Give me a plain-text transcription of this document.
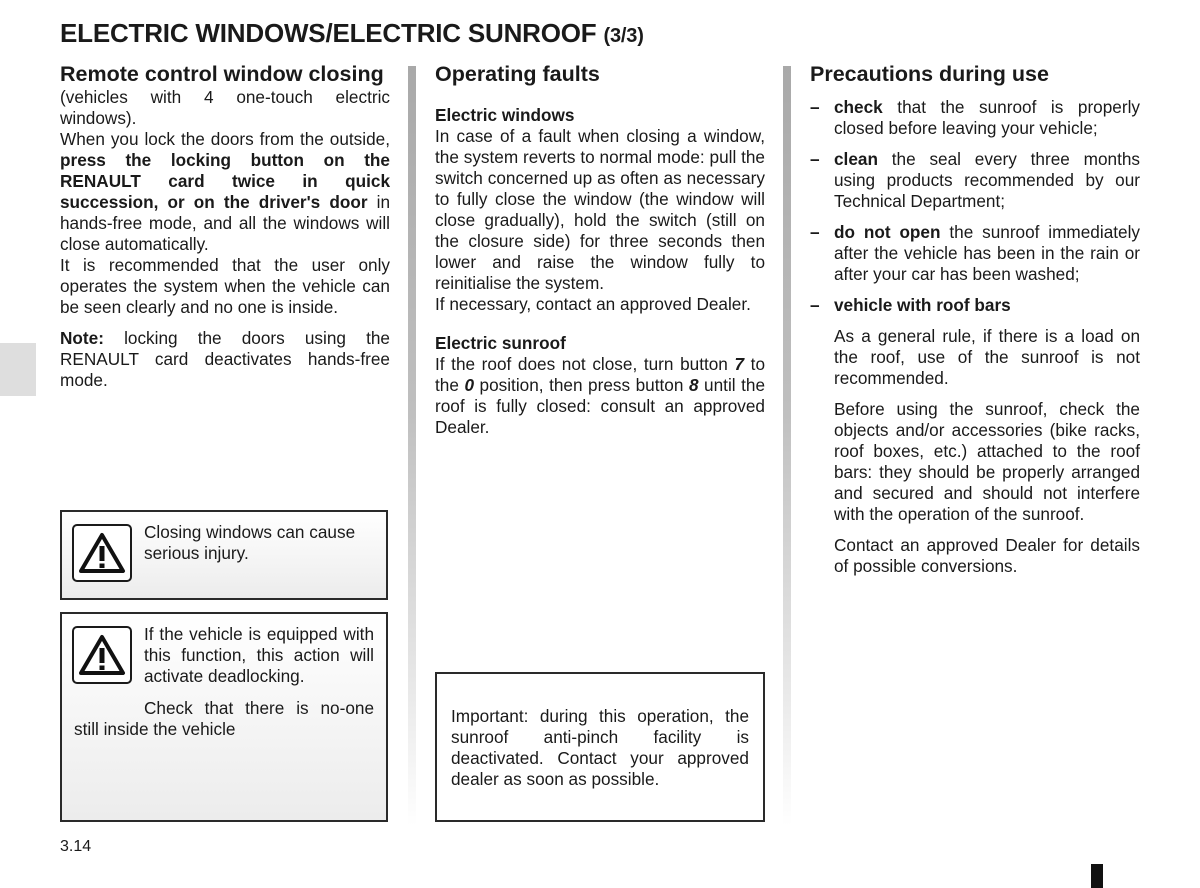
ELECTRIC WINDOWS/ELECTRIC SUNROOF (3/3)
Remote control window closing

(vehicles with 4 one-touch electric windows).

When you lock the doors from the outside, press the locking button on the RENAULT card twice in quick succession, or on the driver's door in hands-free mode, and all the windows will close automatically.

It is recommended that the user only operates the system when the vehicle can be seen clearly and no one is inside.

Note: locking the doors using the RENAULT card deactivates hands-free mode.

Closing windows can cause serious injury.
If the vehicle is equipped with this function, this action will activate deadlocking.
Check that there is no-one still inside the vehicle
Operating faults

Electric windows

In case of a fault when closing a window, the system reverts to normal mode: pull the switch concerned up as often as necessary to fully close the window (the window will close gradually), hold the switch (still on the closure side) for three seconds then lower and raise the window fully to reinitialise the system.

If necessary, contact an approved Dealer.

Electric sunroof

If the roof does not close, turn button 7 to the 0 position, then press button 8 until the roof is fully closed: consult an approved Dealer.

Important: during this operation, the sunroof anti-pinch facility is deactivated. Contact your approved dealer as soon as possible.
Precautions during use
– check that the sunroof is properly closed before leaving your vehicle;
– clean the seal every three months using products recommended by our Technical Department;
– do not open the sunroof immediately after the vehicle has been in the rain or after your car has been washed;
– vehicle with roof bars

As a general rule, if there is a load on the roof, use of the sunroof is not recommended.

Before using the sunroof, check the objects and/or accessories (bike racks, roof boxes, etc.) attached to the roof bars: they should be properly arranged and secured and should not interfere with the operation of the sunroof.

Contact an approved Dealer for details of possible conversions.

3.14
